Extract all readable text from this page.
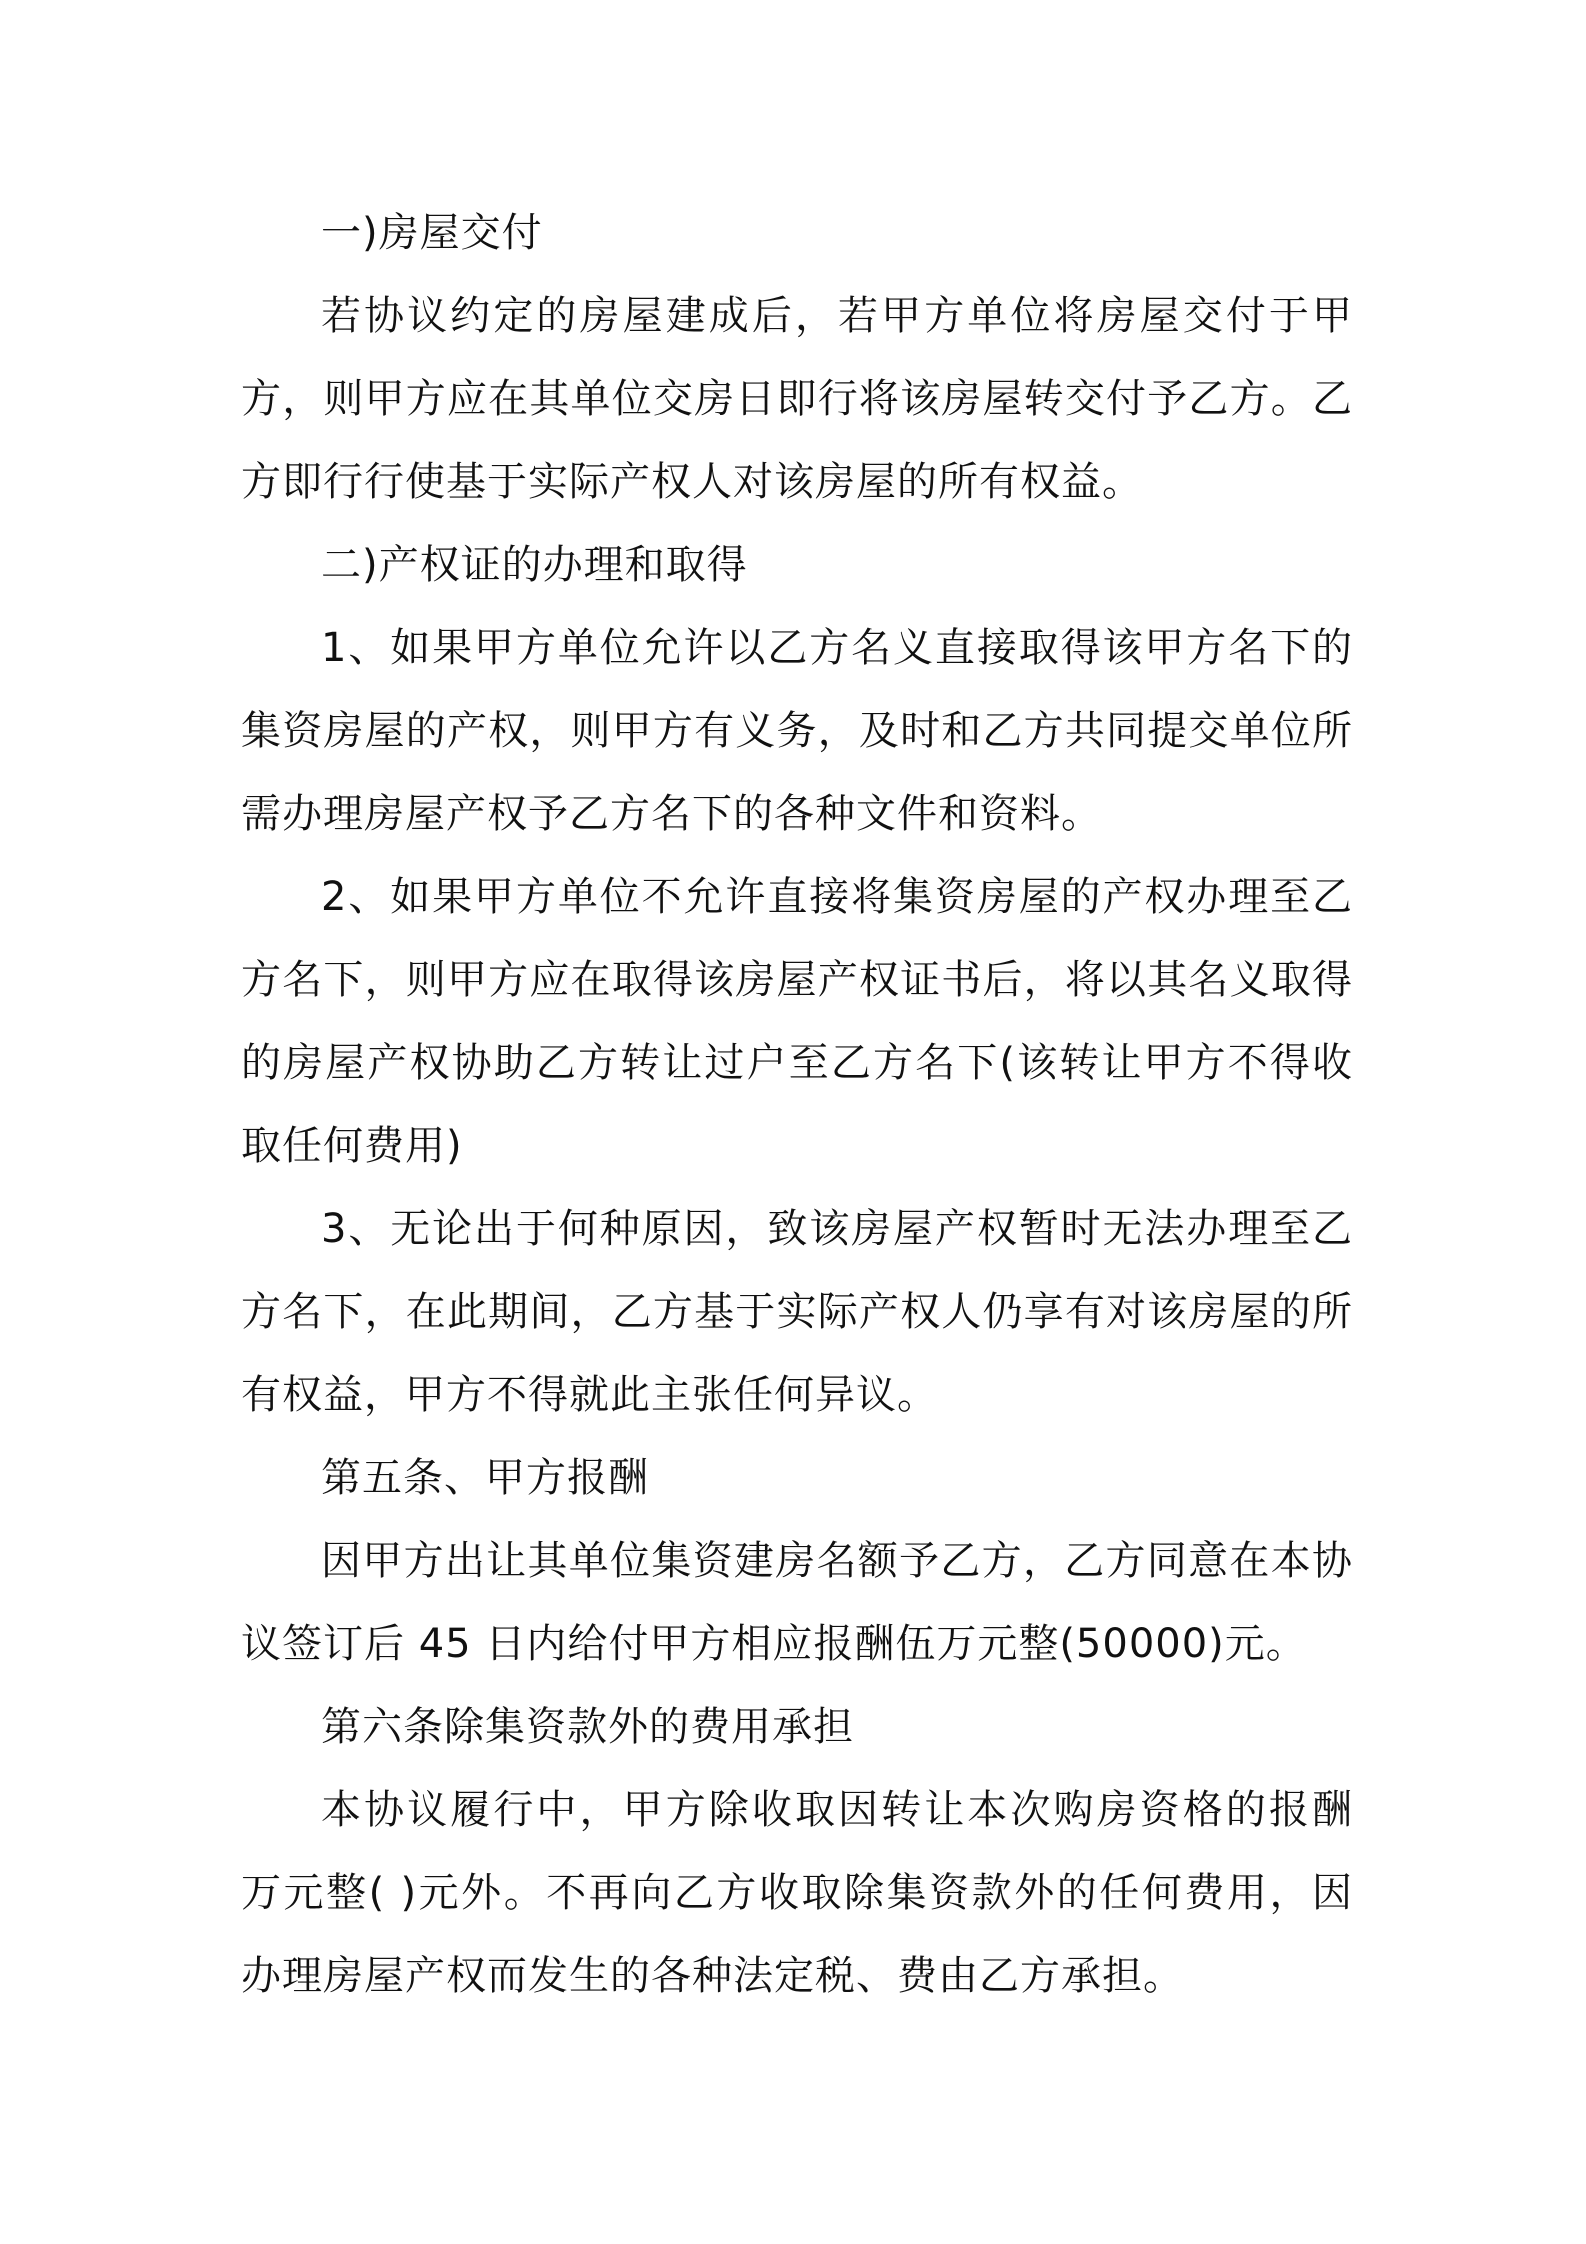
一)房屋交付

若协议约定的房屋建成后，若甲方单位将房屋交付于甲方，则甲方应在其单位交房日即行将该房屋转交付予乙方。乙方即行行使基于实际产权人对该房屋的所有权益。

二)产权证的办理和取得

1、如果甲方单位允许以乙方名义直接取得该甲方名下的集资房屋的产权，则甲方有义务，及时和乙方共同提交单位所需办理房屋产权予乙方名下的各种文件和资料。

2、如果甲方单位不允许直接将集资房屋的产权办理至乙方名下，则甲方应在取得该房屋产权证书后，将以其名义取得的房屋产权协助乙方转让过户至乙方名下(该转让甲方不得收取任何费用)

3、无论出于何种原因，致该房屋产权暂时无法办理至乙方名下，在此期间，乙方基于实际产权人仍享有对该房屋的所有权益，甲方不得就此主张任何异议。

第五条、甲方报酬

因甲方出让其单位集资建房名额予乙方，乙方同意在本协议签订后 45 日内给付甲方相应报酬伍万元整(50000)元。

第六条除集资款外的费用承担

本协议履行中，甲方除收取因转让本次购房资格的报酬 万元整( )元外。不再向乙方收取除集资款外的任何费用，因办理房屋产权而发生的各种法定税、费由乙方承担。
